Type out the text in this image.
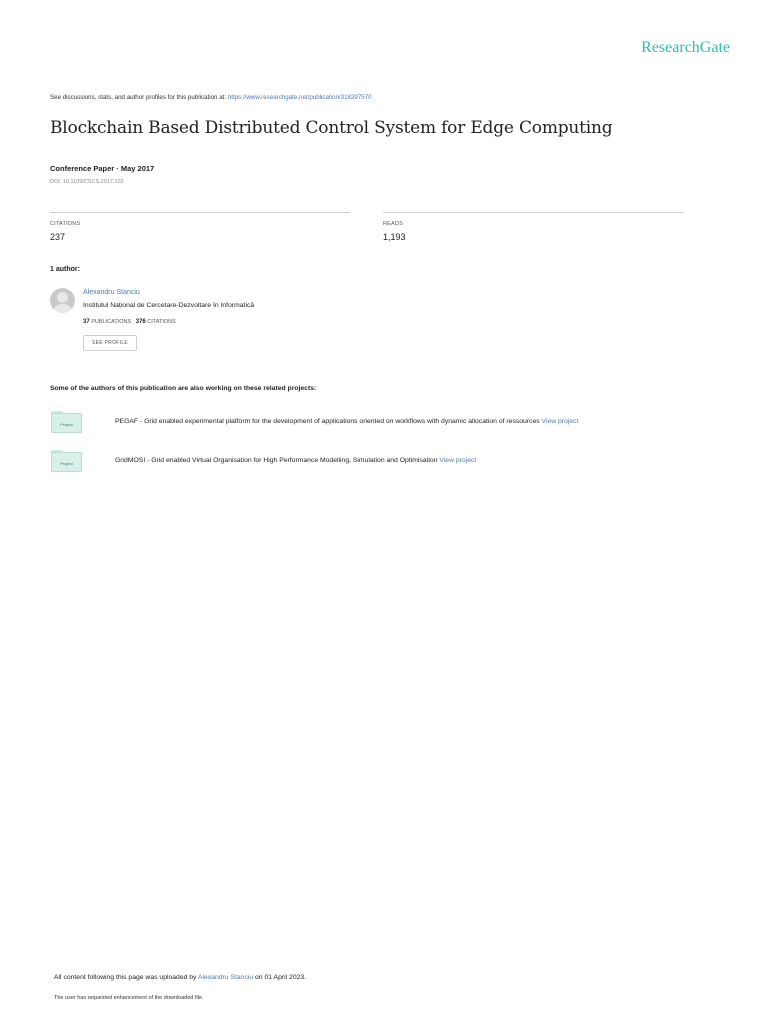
ResearchGate
See discussions, stats, and author profiles for this publication at: https://www.researchgate.net/publication/318297570
Blockchain Based Distributed Control System for Edge Computing
Conference Paper · May 2017
DOI: 10.1109/CSCS.2017.102
CITATIONS
237
READS
1,193
1 author:
Alexandru Stanciu
Institutul Național de Cercetare-Dezvoltare în Informatică
37 PUBLICATIONS 376 CITATIONS
SEE PROFILE
Some of the authors of this publication are also working on these related projects:
Project	PEGAF - Grid enabled experimental platform for the development of applications oriented on workflows with dynamic allocation of ressources View project
Project	GridMOSI - Grid enabled Virtual Organisation for High Performance Modelling, Simulation and Optimisation View project
All content following this page was uploaded by Alexandru Stanciu on 01 April 2023.
The user has requested enhancement of the downloaded file.
